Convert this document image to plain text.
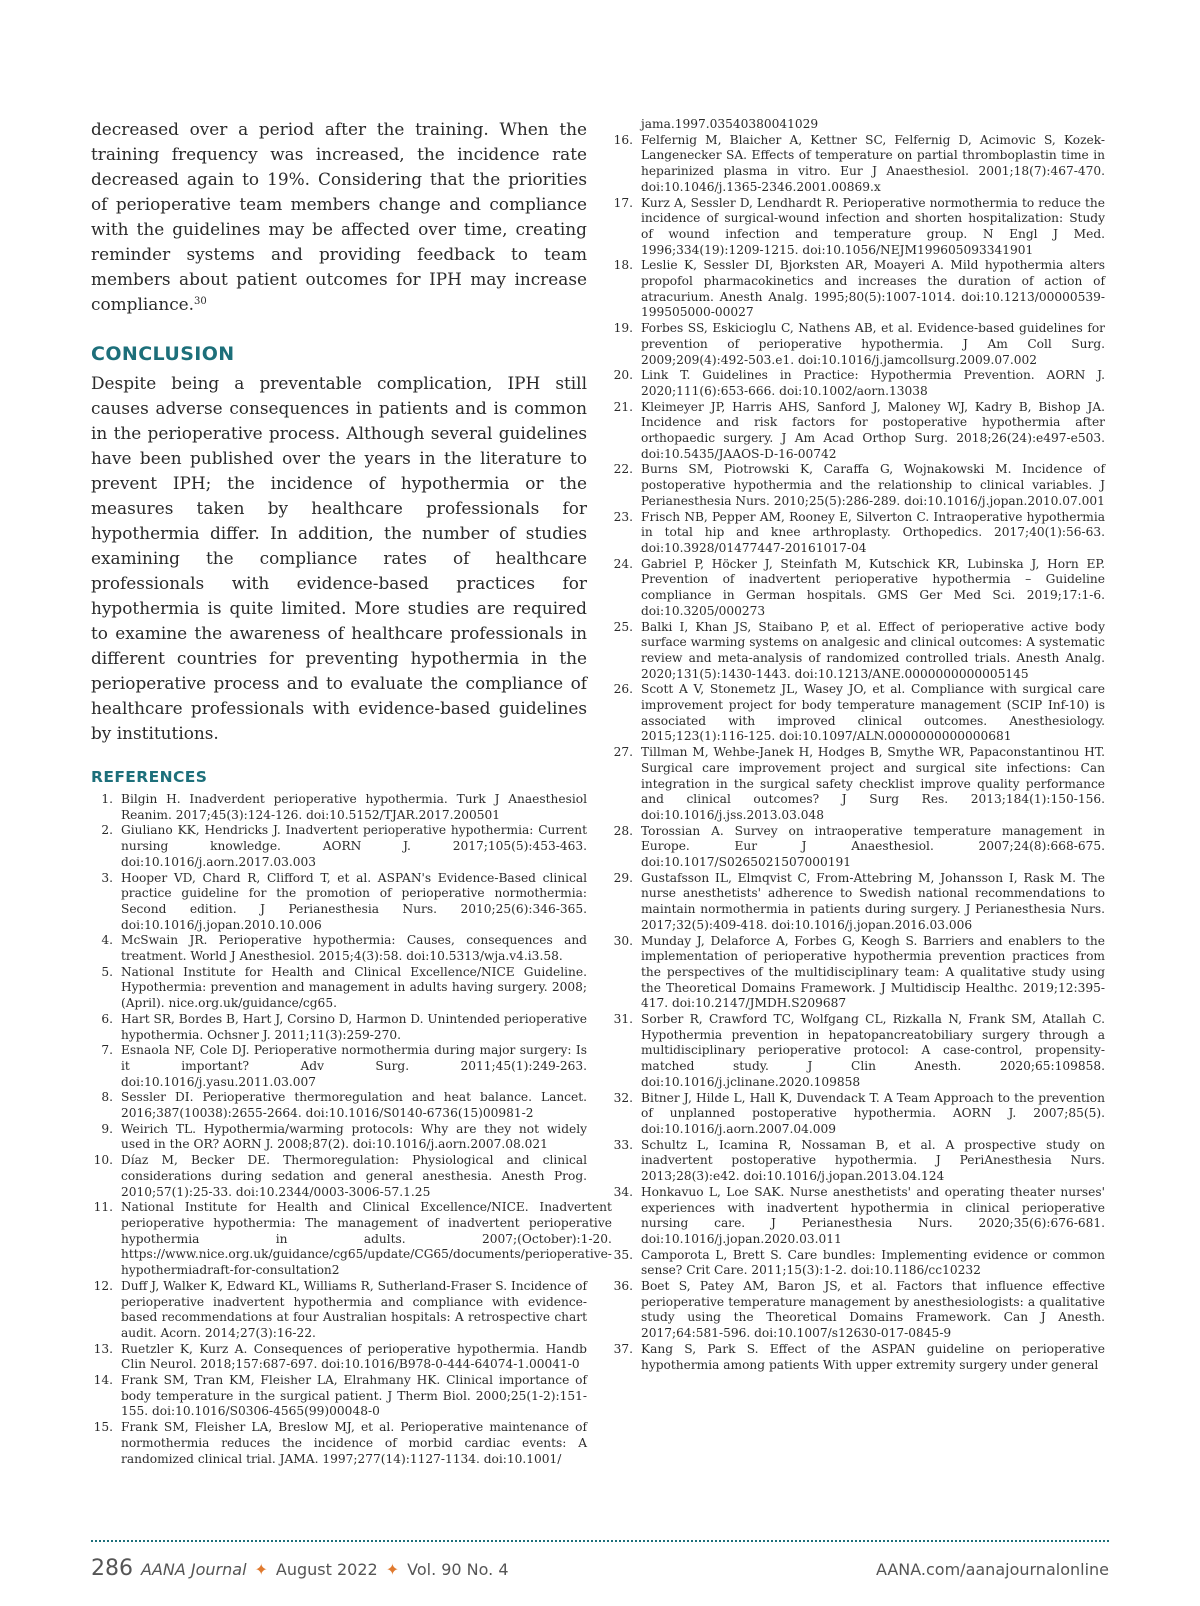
decreased over a period after the training. When the training frequency was increased, the incidence rate decreased again to 19%. Considering that the priorities of perioperative team members change and compliance with the guidelines may be affected over time, creating reminder systems and providing feedback to team members about patient outcomes for IPH may increase compliance.$^{30}$

CONCLUSION

Despite being a preventable complication, IPH still causes adverse consequences in patients and is common in the perioperative process. Although several guidelines have been published over the years in the literature to prevent IPH; the incidence of hypothermia or the measures taken by healthcare professionals for hypothermia differ. In addition, the number of studies examining the compliance rates of healthcare professionals with evidence-based practices for hypothermia is quite limited. More studies are required to examine the awareness of healthcare professionals in different countries for preventing hypothermia in the perioperative process and to evaluate the compliance of healthcare professionals with evidence-based guidelines by institutions.

REFERENCES
1. Bilgin H. Inadverdent perioperative hypothermia. Turk J Anaesthesiol Reanim. 2017;45(3):124-126. doi:10.5152/TJAR.2017.200501
2. Giuliano KK, Hendricks J. Inadvertent perioperative hypothermia: Current nursing knowledge. AORN J. 2017;105(5):453-463. doi:10.1016/j.aorn.2017.03.003
3. Hooper VD, Chard R, Clifford T, et al. ASPAN's Evidence-Based clinical practice guideline for the promotion of perioperative normothermia: Second edition. J Perianesthesia Nurs. 2010;25(6):346-365. doi:10.1016/j.jopan.2010.10.006
4. McSwain JR. Perioperative hypothermia: Causes, consequences and treatment. World J Anesthesiol. 2015;4(3):58. doi:10.5313/wja.v4.i3.58.
5. National Institute for Health and Clinical Excellence/NICE Guideline. Hypothermia: prevention and management in adults having surgery. 2008;(April). nice.org.uk/guidance/cg65.
6. Hart SR, Bordes B, Hart J, Corsino D, Harmon D. Unintended perioperative hypothermia. Ochsner J. 2011;11(3):259-270.
7. Esnaola NF, Cole DJ. Perioperative normothermia during major surgery: Is it important? Adv Surg. 2011;45(1):249-263. doi:10.1016/j.yasu.2011.03.007
8. Sessler DI. Perioperative thermoregulation and heat balance. Lancet. 2016;387(10038):2655-2664. doi:10.1016/S0140-6736(15)00981-2
9. Weirich TL. Hypothermia/warming protocols: Why are they not widely used in the OR? AORN J. 2008;87(2). doi:10.1016/j.aorn.2007.08.021
10. Díaz M, Becker DE. Thermoregulation: Physiological and clinical considerations during sedation and general anesthesia. Anesth Prog. 2010;57(1):25-33. doi:10.2344/0003-3006-57.1.25
11. National Institute for Health and Clinical Excellence/NICE. Inadvertent perioperative hypothermia: The management of inadvertent perioperative hypothermia in adults. 2007;(October):1-20. https://www.nice.org.uk/guidance/cg65/update/CG65/documents/perioperative-hypothermiadraft-for-consultation2
12. Duff J, Walker K, Edward KL, Williams R, Sutherland-Fraser S. Incidence of perioperative inadvertent hypothermia and compliance with evidence-based recommendations at four Australian hospitals: A retrospective chart audit. Acorn. 2014;27(3):16-22.
13. Ruetzler K, Kurz A. Consequences of perioperative hypothermia. Handb Clin Neurol. 2018;157:687-697. doi:10.1016/B978-0-444-64074-1.00041-0
14. Frank SM, Tran KM, Fleisher LA, Elrahmany HK. Clinical importance of body temperature in the surgical patient. J Therm Biol. 2000;25(1-2):151-155. doi:10.1016/S0306-4565(99)00048-0
15. Frank SM, Fleisher LA, Breslow MJ, et al. Perioperative maintenance of normothermia reduces the incidence of morbid cardiac events: A randomized clinical trial. JAMA. 1997;277(14):1127-1134. doi:10.1001/
jama.1997.03540380041029
16. Felfernig M, Blaicher A, Kettner SC, Felfernig D, Acimovic S, Kozek-Langenecker SA. Effects of temperature on partial thromboplastin time in heparinized plasma in vitro. Eur J Anaesthesiol. 2001;18(7):467-470. doi:10.1046/j.1365-2346.2001.00869.x
17. Kurz A, Sessler D, Lendhardt R. Perioperative normothermia to reduce the incidence of surgical-wound infection and shorten hospitalization: Study of wound infection and temperature group. N Engl J Med. 1996;334(19):1209-1215. doi:10.1056/NEJM199605093341901
18. Leslie K, Sessler DI, Bjorksten AR, Moayeri A. Mild hypothermia alters propofol pharmacokinetics and increases the duration of action of atracurium. Anesth Analg. 1995;80(5):1007-1014. doi:10.1213/00000539-199505000-00027
19. Forbes SS, Eskicioglu C, Nathens AB, et al. Evidence-based guidelines for prevention of perioperative hypothermia. J Am Coll Surg. 2009;209(4):492-503.e1. doi:10.1016/j.jamcollsurg.2009.07.002
20. Link T. Guidelines in Practice: Hypothermia Prevention. AORN J. 2020;111(6):653-666. doi:10.1002/aorn.13038
21. Kleimeyer JP, Harris AHS, Sanford J, Maloney WJ, Kadry B, Bishop JA. Incidence and risk factors for postoperative hypothermia after orthopaedic surgery. J Am Acad Orthop Surg. 2018;26(24):e497-e503. doi:10.5435/JAAOS-D-16-00742
22. Burns SM, Piotrowski K, Caraffa G, Wojnakowski M. Incidence of postoperative hypothermia and the relationship to clinical variables. J Perianesthesia Nurs. 2010;25(5):286-289. doi:10.1016/j.jopan.2010.07.001
23. Frisch NB, Pepper AM, Rooney E, Silverton C. Intraoperative hypothermia in total hip and knee arthroplasty. Orthopedics. 2017;40(1):56-63. doi:10.3928/01477447-20161017-04
24. Gabriel P, Höcker J, Steinfath M, Kutschick KR, Lubinska J, Horn EP. Prevention of inadvertent perioperative hypothermia – Guideline compliance in German hospitals. GMS Ger Med Sci. 2019;17:1-6. doi:10.3205/000273
25. Balki I, Khan JS, Staibano P, et al. Effect of perioperative active body surface warming systems on analgesic and clinical outcomes: A systematic review and meta-analysis of randomized controlled trials. Anesth Analg. 2020;131(5):1430-1443. doi:10.1213/ANE.0000000000005145
26. Scott A V, Stonemetz JL, Wasey JO, et al. Compliance with surgical care improvement project for body temperature management (SCIP Inf-10) is associated with improved clinical outcomes. Anesthesiology. 2015;123(1):116-125. doi:10.1097/ALN.0000000000000681
27. Tillman M, Wehbe-Janek H, Hodges B, Smythe WR, Papaconstantinou HT. Surgical care improvement project and surgical site infections: Can integration in the surgical safety checklist improve quality performance and clinical outcomes? J Surg Res. 2013;184(1):150-156. doi:10.1016/j.jss.2013.03.048
28. Torossian A. Survey on intraoperative temperature management in Europe. Eur J Anaesthesiol. 2007;24(8):668-675. doi:10.1017/S0265021507000191
29. Gustafsson IL, Elmqvist C, From-Attebring M, Johansson I, Rask M. The nurse anesthetists' adherence to Swedish national recommendations to maintain normothermia in patients during surgery. J Perianesthesia Nurs. 2017;32(5):409-418. doi:10.1016/j.jopan.2016.03.006
30. Munday J, Delaforce A, Forbes G, Keogh S. Barriers and enablers to the implementation of perioperative hypothermia prevention practices from the perspectives of the multidisciplinary team: A qualitative study using the Theoretical Domains Framework. J Multidiscip Healthc. 2019;12:395-417. doi:10.2147/JMDH.S209687
31. Sorber R, Crawford TC, Wolfgang CL, Rizkalla N, Frank SM, Atallah C. Hypothermia prevention in hepatopancreatobiliary surgery through a multidisciplinary perioperative protocol: A case-control, propensity-matched study. J Clin Anesth. 2020;65:109858. doi:10.1016/j.jclinane.2020.109858
32. Bitner J, Hilde L, Hall K, Duvendack T. A Team Approach to the prevention of unplanned postoperative hypothermia. AORN J. 2007;85(5). doi:10.1016/j.aorn.2007.04.009
33. Schultz L, Icamina R, Nossaman B, et al. A prospective study on inadvertent postoperative hypothermia. J PeriAnesthesia Nurs. 2013;28(3):e42. doi:10.1016/j.jopan.2013.04.124
34. Honkavuo L, Loe SAK. Nurse anesthetists' and operating theater nurses' experiences with inadvertent hypothermia in clinical perioperative nursing care. J Perianesthesia Nurs. 2020;35(6):676-681. doi:10.1016/j.jopan.2020.03.011
35. Camporota L, Brett S. Care bundles: Implementing evidence or common sense? Crit Care. 2011;15(3):1-2. doi:10.1186/cc10232
36. Boet S, Patey AM, Baron JS, et al. Factors that influence effective perioperative temperature management by anesthesiologists: a qualitative study using the Theoretical Domains Framework. Can J Anesth. 2017;64:581-596. doi:10.1007/s12630-017-0845-9
37. Kang S, Park S. Effect of the ASPAN guideline on perioperative hypothermia among patients With upper extremity surgery under general
286 AANA Journal ✦ August 2022 ✦ Vol. 90 No. 4	AANA.com/aanajournalonline
